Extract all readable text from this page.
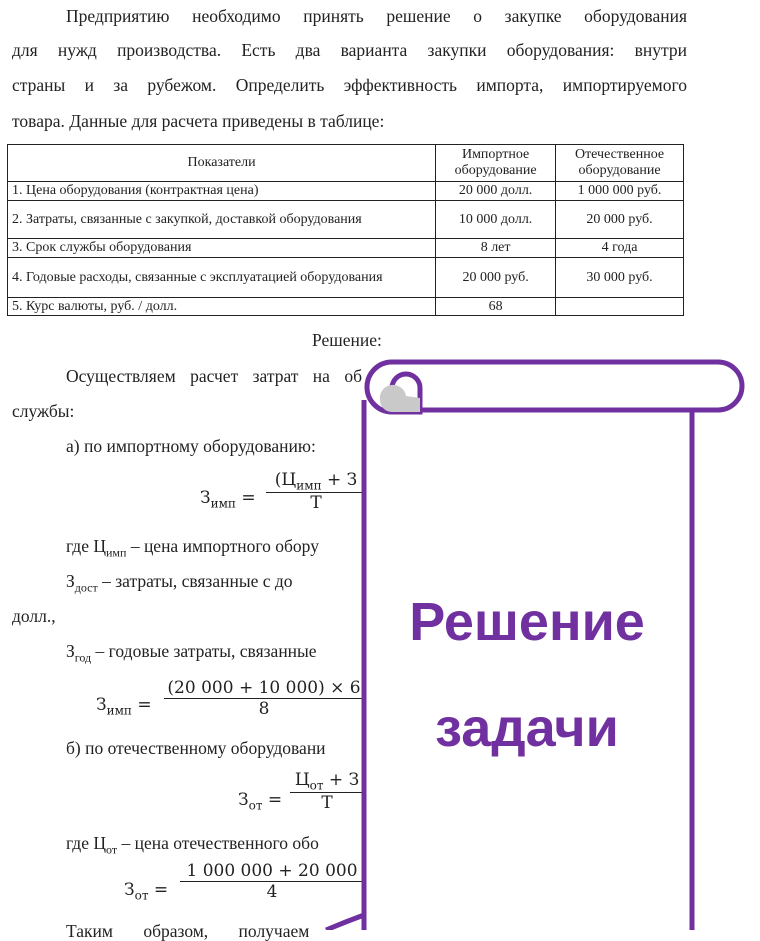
Предприятию необходимо принять решение о закупке оборудования
для нужд производства. Есть два варианта закупки оборудования: внутри
страны и за рубежом. Определить эффективность импорта, импортируемого
товара. Данные для расчета приведены в таблице:
Показатели	Импортное оборудование	Отечественное оборудование
1. Цена оборудования (контрактная цена)	20 000 долл.	1 000 000 руб.
2. Затраты, связанные с закупкой, доставкой оборудования	10 000 долл.	20 000 руб.
3. Срок службы оборудования	8 лет	4 года
4. Годовые расходы, связанные с эксплуатацией оборудования	20 000 руб.	30 000 руб.
5. Курс валюты, руб. / долл.	68	
Решение:
Осуществляем расчет затрат на об
службы:
а) по импортному оборудованию:
$З_{имп}$ =
($Ц_{имп} + З$
Т
где $Ц_{имп}$ – цена импортного обору
$З_{дост}$ – затраты, связанные с до
долл.,
$З_{год}$ – годовые затраты, связанные
$З_{имп} = \frac{(20 000 + 10 000) \times 6}{8}$
б) по отечественному оборудовани
$З_{от}$ =
$Ц_{от} + З$
Т
где $Ц_{от}$ – цена отечественного обо
$З_{от} = \frac{1 000 000 + 20 000}{4}$
Таким образом, получаем
Решение
задачи
